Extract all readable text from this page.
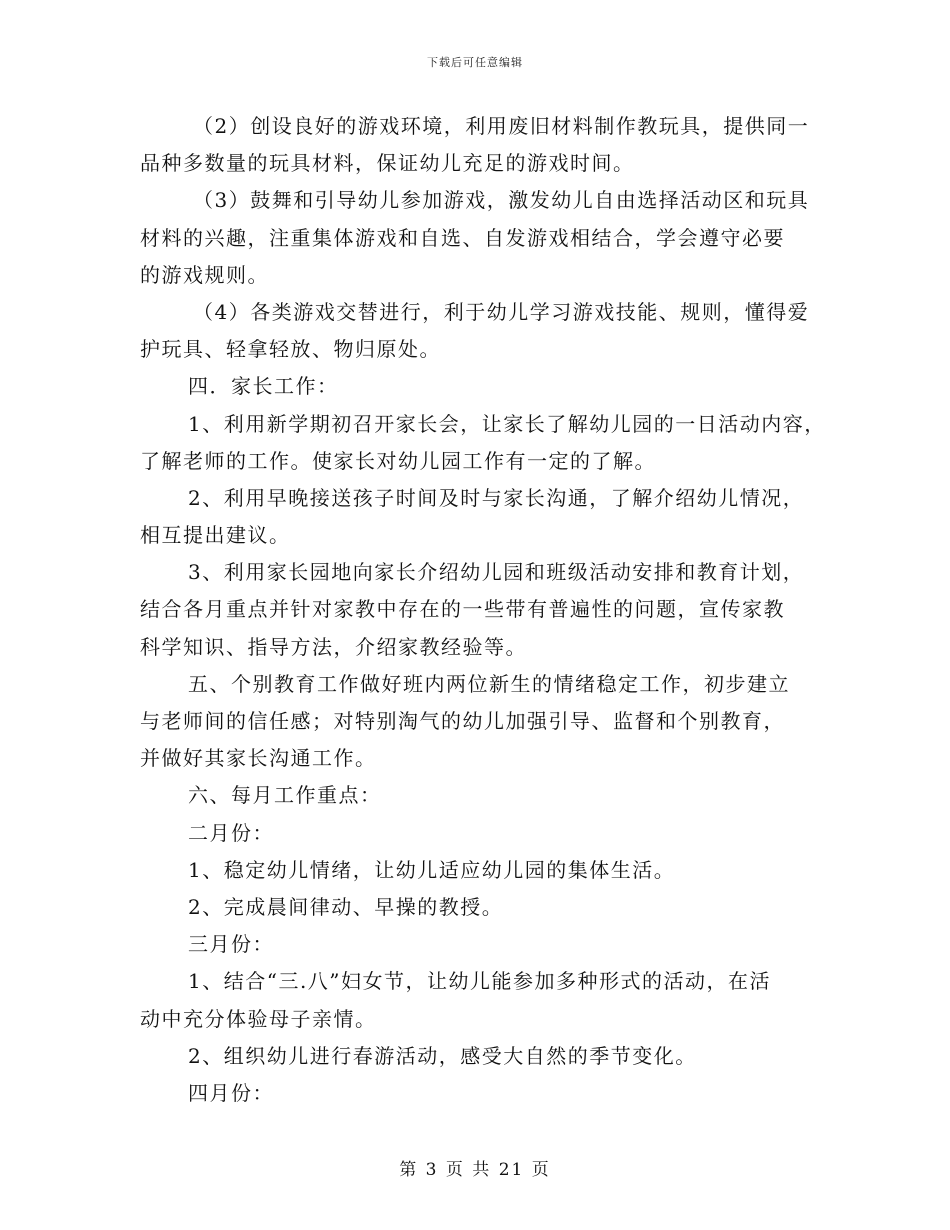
下载后可任意编辑
（2）创设良好的游戏环境，利用废旧材料制作教玩具，提供同一
品种多数量的玩具材料，保证幼儿充足的游戏时间。
（3）鼓舞和引导幼儿参加游戏，激发幼儿自由选择活动区和玩具
材料的兴趣，注重集体游戏和自选、自发游戏相结合，学会遵守必要
的游戏规则。
（4）各类游戏交替进行，利于幼儿学习游戏技能、规则，懂得爱
护玩具、轻拿轻放、物归原处。
四．家长工作：
1、利用新学期初召开家长会，让家长了解幼儿园的一日活动内容，
了解老师的工作。使家长对幼儿园工作有一定的了解。
2、利用早晚接送孩子时间及时与家长沟通，了解介绍幼儿情况，
相互提出建议。
3、利用家长园地向家长介绍幼儿园和班级活动安排和教育计划，
结合各月重点并针对家教中存在的一些带有普遍性的问题，宣传家教
科学知识、指导方法，介绍家教经验等。
五、个别教育工作做好班内两位新生的情绪稳定工作，初步建立
与老师间的信任感；对特别淘气的幼儿加强引导、监督和个别教育，
并做好其家长沟通工作。
六、每月工作重点：
二月份：
1、稳定幼儿情绪，让幼儿适应幼儿园的集体生活。
2、完成晨间律动、早操的教授。
三月份：
1、结合“三.八”妇女节，让幼儿能参加多种形式的活动，在活
动中充分体验母子亲情。
2、组织幼儿进行春游活动，感受大自然的季节变化。
四月份：
第 3 页 共 21 页
